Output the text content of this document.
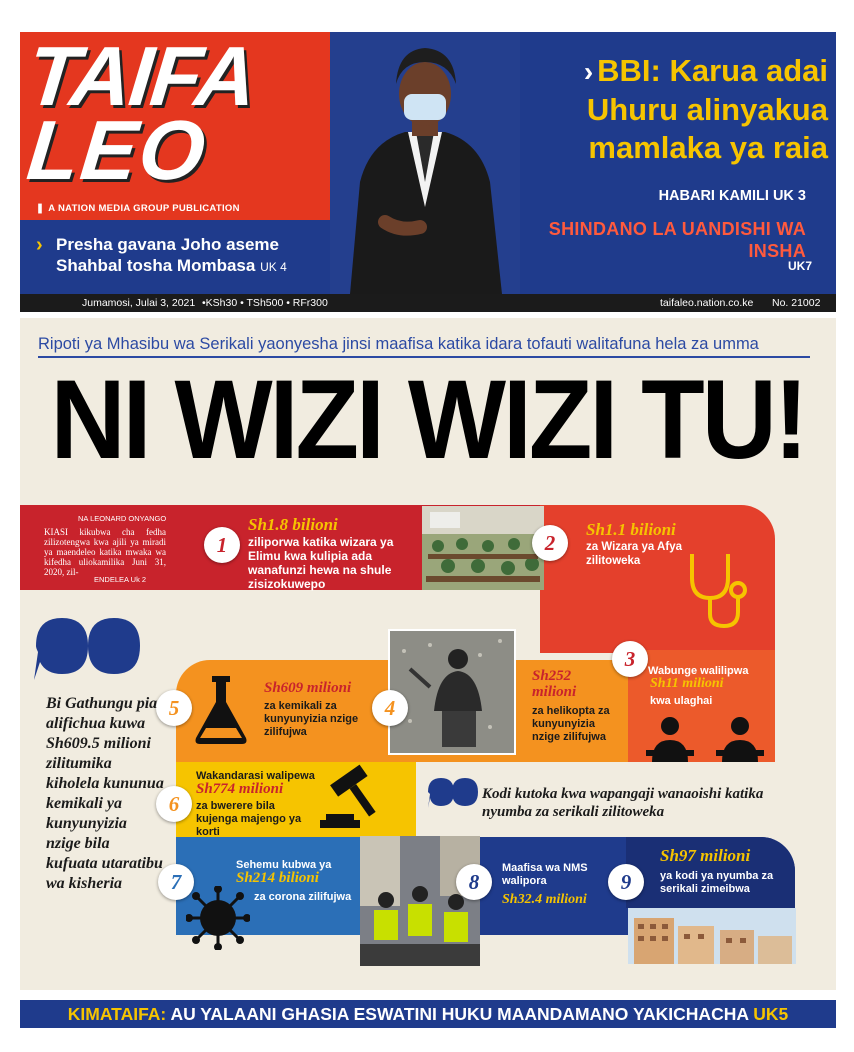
TAIFA
LEO
❚ A NATION MEDIA GROUP PUBLICATION
› Presha gavana Joho aseme Shahbal tosha Mombasa UK 4
› BBI: Karua adai Uhuru alinyakua mamlaka ya raia
HABARI KAMILI UK 3
SHINDANO LA UANDISHI WA INSHA
UK7
Jumamosi, Julai 3, 2021 •KSh30 • TSh500 • RFr300	taifaleo.nation.co.ke No. 21002
Ripoti ya Mhasibu wa Serikali yaonyesha jinsi maafisa katika idara tofauti walitafuna hela za umma
NI WIZI WIZI TU!
NA LEONARD ONYANGO
KIASI kikubwa cha fedha zilizotengwa kwa ajili ya miradi ya maendeleo katika mwaka wa kifedha uliokamilika Juni 31, 2020, zil-
ENDELEA Uk 2
1
Sh1.8 bilioni
ziliporwa katika wizara ya Elimu kwa kulipia ada wanafunzi hewa na shule zisizokuwepo
2
Sh1.1 bilioni
za Wizara ya Afya zilitoweka
3	Wabunge walilipwa
Sh11 milioni
kwa ulaghai
4
Sh252 milioni
za helikopta za kunyunyizia nzige zilifujwa
5
Sh609 milioni
za kemikali za kunyunyizia nzige zilifujwa
6
Wakandarasi walipewa
Sh774 milioni
za bwerere bila kujenga majengo ya korti
7
Sehemu kubwa ya
Sh214 bilioni
za corona zilifujwa
8
Maafisa wa NMS walipora
Sh32.4 milioni
9
Sh97 milioni
ya kodi ya nyumba za serikali zimeibwa
Bi Gathungu pia alifichua kuwa Sh609.5 milioni zilitumika kiholela kununua kemikali ya kunyunyizia nzige bila kufuata utaratibu wa kisheria
Kodi kutoka kwa wapangaji wanaoishi katika nyumba za serikali zilitoweka
KIMATAIFA: AU YALAANI GHASIA ESWATINI HUKU MAANDAMANO YAKICHACHA UK5
